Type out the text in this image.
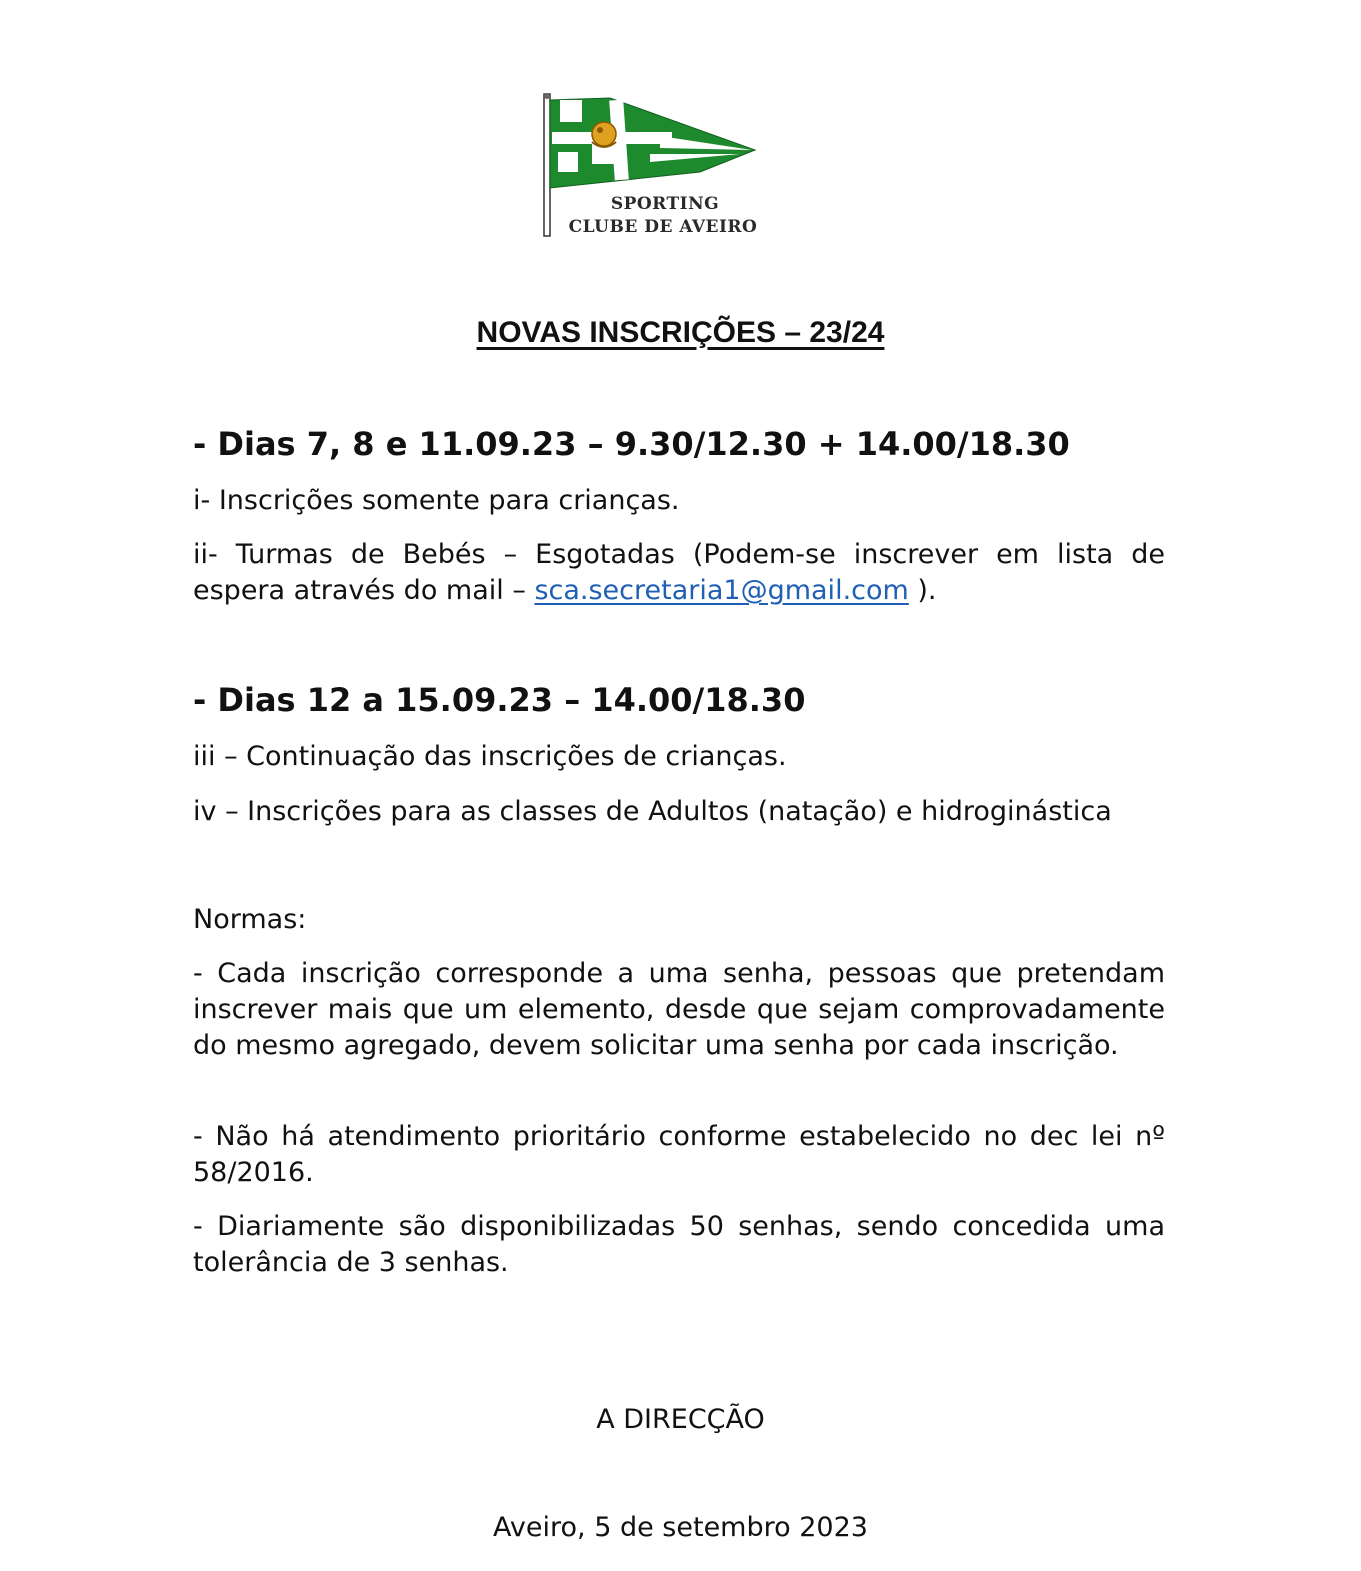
SPORTING
CLUBE DE AVEIRO
NOVAS INSCRIÇÕES – 23/24
- Dias 7, 8 e 11.09.23 – 9.30/12.30 + 14.00/18.30
i- Inscrições somente para crianças.
ii- Turmas de Bebés – Esgotadas (Podem-se inscrever em lista de espera através do mail – sca.secretaria1@gmail.com ).
- Dias 12 a 15.09.23 – 14.00/18.30
iii – Continuação das inscrições de crianças.
iv – Inscrições para as classes de Adultos (natação) e hidroginástica
Normas:
- Cada inscrição corresponde a uma senha, pessoas que pretendam inscrever mais que um elemento, desde que sejam comprovadamente do mesmo agregado, devem solicitar uma senha por cada inscrição.
- Não há atendimento prioritário conforme estabelecido no dec lei nº 58/2016.
- Diariamente são disponibilizadas 50 senhas, sendo concedida uma tolerância de 3 senhas.
A DIRECÇÃO
Aveiro, 5 de setembro 2023
